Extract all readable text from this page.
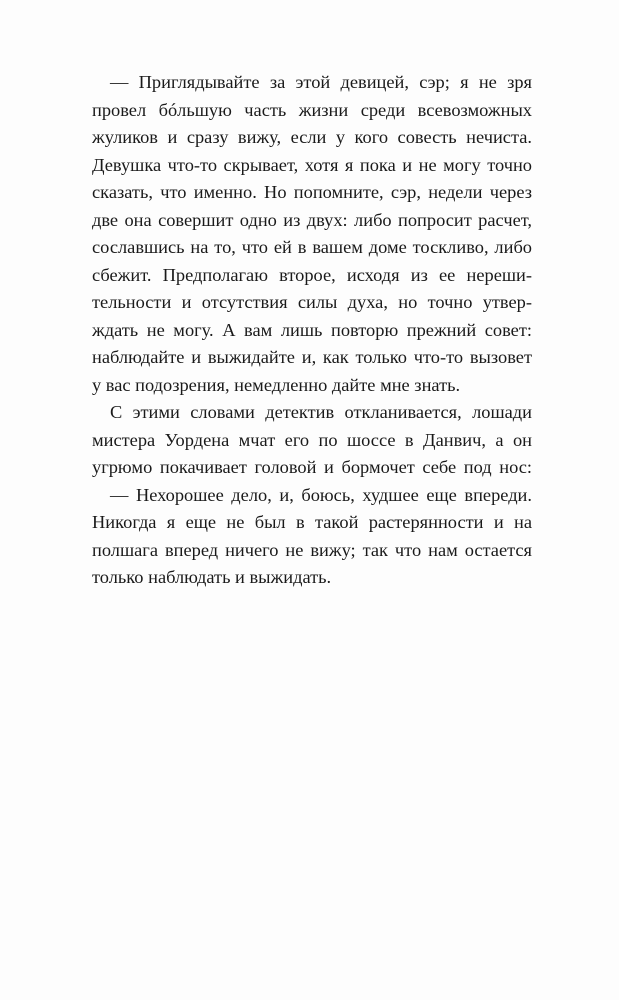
— Приглядывайте за этой девицей, сэр; я не зря
провел бóльшую часть жизни среди всевозможных
жуликов и сразу вижу, если у кого совесть нечиста.
Девушка что-то скрывает, хотя я пока и не могу точно
сказать, что именно. Но попомните, сэр, недели через
две она совершит одно из двух: либо попросит расчет,
сославшись на то, что ей в вашем доме тоскливо, либо
сбежит. Предполагаю второе, исходя из ее нереши-
тельности и отсутствия силы духа, но точно утвер-
ждать не могу. А вам лишь повторю прежний совет:
наблюдайте и выжидайте и, как только что-то вызовет
у вас подозрения, немедленно дайте мне знать.
С этими словами детектив откланивается, лошади
мистера Уордена мчат его по шоссе в Данвич, а он
угрюмо покачивает головой и бормочет себе под нос:
— Нехорошее дело, и, боюсь, худшее еще впереди.
Никогда я еще не был в такой растерянности и на
полшага вперед ничего не вижу; так что нам остается
только наблюдать и выжидать.
